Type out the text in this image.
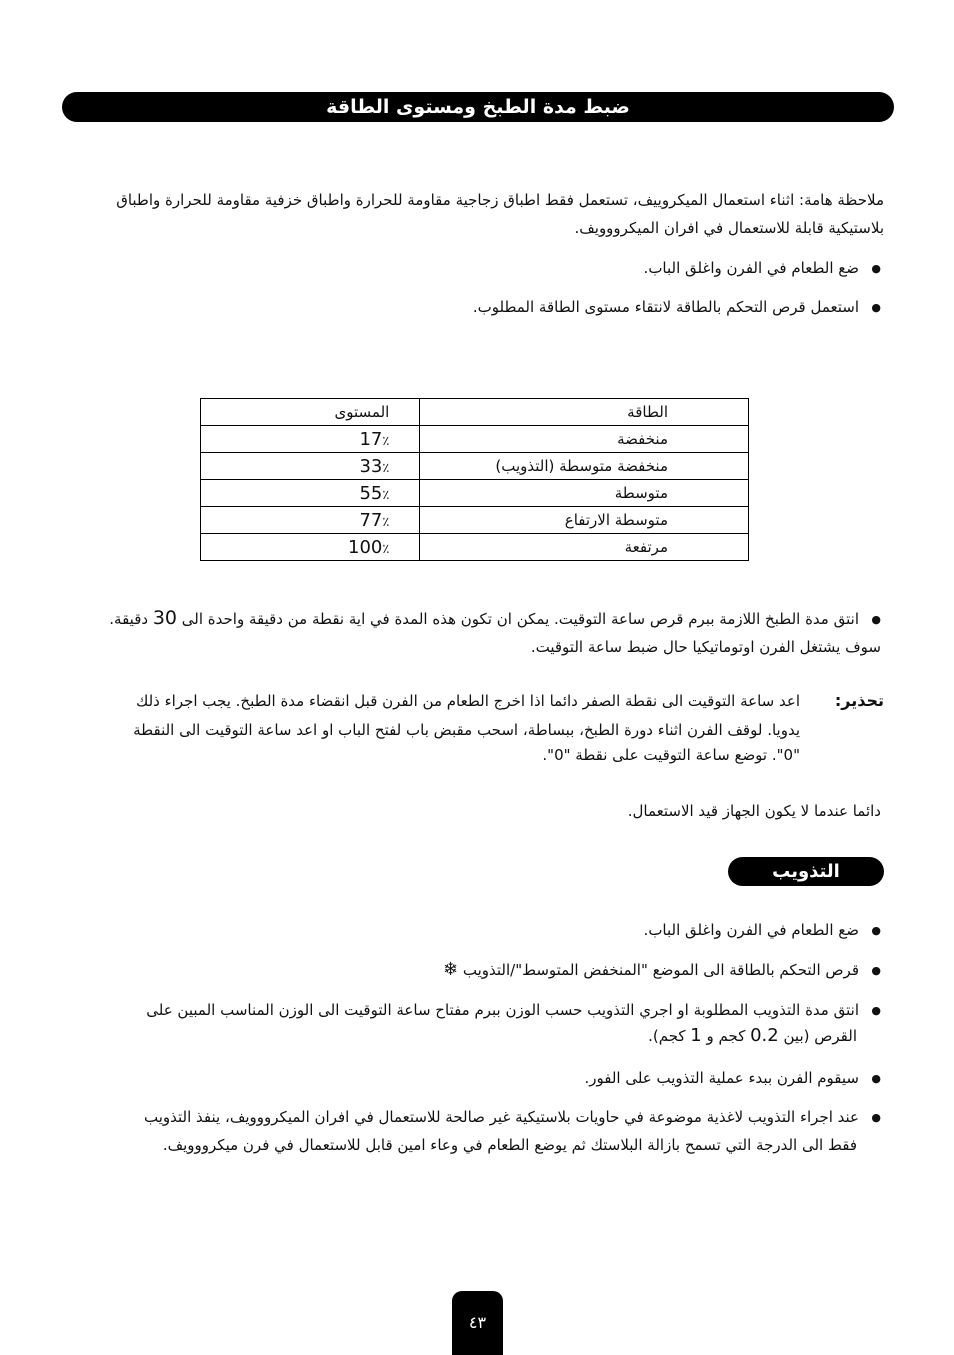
ضبط مدة الطبخ ومستوى الطاقة

ملاحظة هامة: اثناء استعمال الميكروييف، تستعمل فقط اطباق زجاجية مقاومة للحرارة واطباق خزفية مقاومة للحرارة واطباق بلاستيكية قابلة للاستعمال في افران الميكرووويف.

●ضع الطعام في الفرن واغلق الباب.

●استعمل قرص التحكم بالطاقة لانتقاء مستوى الطاقة المطلوب.

المستوى	الطاقة
17٪	منخفضة
33٪	منخفضة متوسطة (التذويب)
55٪	متوسطة
77٪	متوسطة الارتفاع
100٪	مرتفعة

●انتق مدة الطبخ اللازمة ببرم قرص ساعة التوقيت. يمكن ان تكون هذه المدة في اية نقطة من دقيقة واحدة الى 30 دقيقة.

سوف يشتغل الفرن اوتوماتيكيا حال ضبط ساعة التوقيت.

تحذير:

اعد ساعة التوقيت الى نقطة الصفر دائما اذا اخرج الطعام من الفرن قبل انقضاء مدة الطبخ. يجب اجراء ذلك

يدويا. لوقف الفرن اثناء دورة الطبخ، ببساطة، اسحب مقبض باب لفتح الباب او اعد ساعة التوقيت الى النقطة

"0". توضع ساعة التوقيت على نقطة "0".

دائما عندما لا يكون الجهاز قيد الاستعمال.

التذويب

●ضع الطعام في الفرن واغلق الباب.

●قرص التحكم بالطاقة الى الموضع "المنخفض المتوسط"/التذويب ❄

●انتق مدة التذويب المطلوبة او اجري التذويب حسب الوزن ببرم مفتاح ساعة التوقيت الى الوزن المناسب المبين على

القرص (بين 0.2 كجم و 1 كجم).

●سيقوم الفرن ببدء عملية التذويب على الفور.

●عند اجراء التذويب لاغذية موضوعة في حاويات بلاستيكية غير صالحة للاستعمال في افران الميكرووويف، ينفذ التذويب

فقط الى الدرجة التي تسمح بازالة البلاستك ثم يوضع الطعام في وعاء امين قابل للاستعمال في فرن ميكرووويف.

٤٣
